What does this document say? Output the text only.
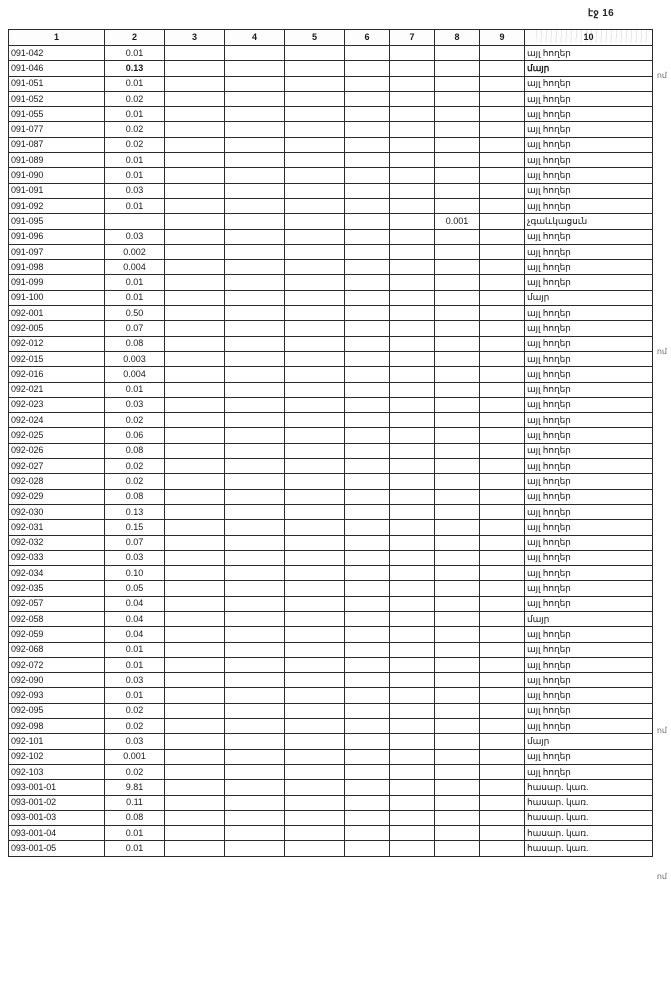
էջ 16
1	2	3	4	5	6	7	8	9	10
091-042	0.01								այլ հողեր
091-046	0.13								մայր
091-051	0.01								այլ հողեր
091-052	0.02								այլ հողեր
091-055	0.01								այլ հողեր
091-077	0.02								այլ հողեր
091-087	0.02								այլ հողեր
091-089	0.01								այլ հողեր
091-090	0.01								այլ հողեր
091-091	0.03								այլ հողեր
091-092	0.01								այլ հողեր
091-095							0.001		չգաևկացսւն
091-096	0.03								այլ հողեր
091-097	0.002								այլ հողեր
091-098	0.004								այլ հողեր
091-099	0.01								այլ հողեր
091-100	0.01								մայր
092-001	0.50								այլ հողեր
092-005	0.07								այլ հողեր
092-012	0.08								այլ հողեր
092-015	0.003								այլ հողեր
092-016	0.004								այլ հողեր
092-021	0.01								այլ հողեր
092-023	0.03								այլ հողեր
092-024	0.02								այլ հողեր
092-025	0.06								այլ հողեր
092-026	0.08								այլ հողեր
092-027	0.02								այլ հողեր
092-028	0.02								այլ հողեր
092-029	0.08								այլ հողեր
092-030	0.13								այլ հողեր
092-031	0.15								այլ հողեր
092-032	0.07								այլ հողեր
092-033	0.03								այլ հողեր
092-034	0.10								այլ հողեր
092-035	0.05								այլ հողեր
092-057	0.04								այլ հողեր
092-058	0.04								մայր
092-059	0.04								այլ հողեր
092-068	0.01								այլ հողեր
092-072	0.01								այլ հողեր
092-090	0.03								այլ հողեր
092-093	0.01								այլ հողեր
092-095	0.02								այլ հողեր
092-098	0.02								այլ հողեր
092-101	0.03								մայր
092-102	0.001								այլ հողեր
092-103	0.02								այլ հողեր
093-001-01	9.81								հասար. կառ.
093-001-02	0.11								հասար. կառ.
093-001-03	0.08								հասար. կառ.
093-001-04	0.01								հասար. կառ.
093-001-05	0.01								հասար. կառ.
ոմ
ոմ
ոմ
ոմ
